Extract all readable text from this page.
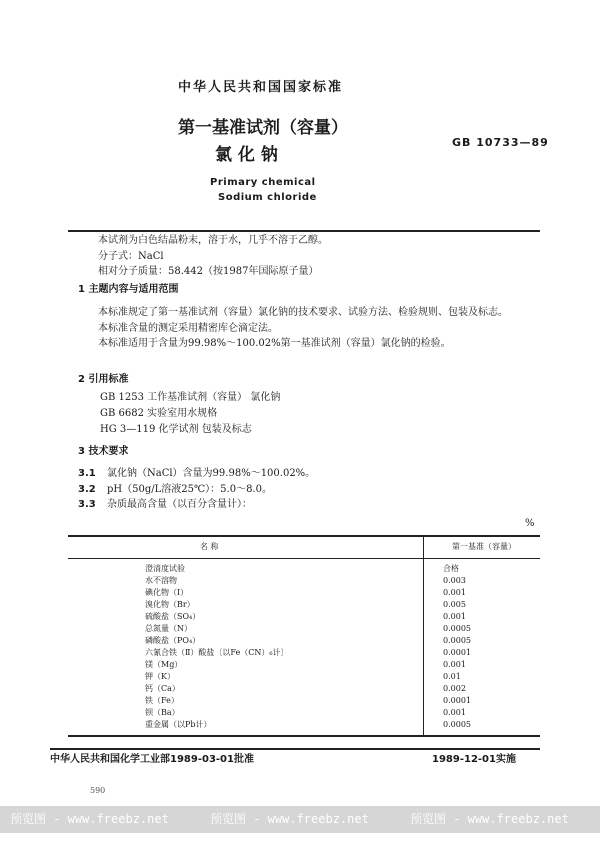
中华人民共和国国家标准
第一基准试剂（容量）
氯 化 钠
GB 10733—89
Primary chemical
Sodium chloride
本试剂为白色结晶粉末，溶于水，几乎不溶于乙醇。
分子式：NaCl
相对分子质量：58.442（按1987年国际原子量）
1 主题内容与适用范围
本标准规定了第一基准试剂（容量）氯化钠的技术要求、试验方法、检验规则、包装及标志。
本标准含量的测定采用精密库仑滴定法。
本标准适用于含量为99.98%～100.02%第一基准试剂（容量）氯化钠的检验。
2 引用标准
GB 1253 工作基准试剂（容量） 氯化钠
GB 6682 实验室用水规格
HG 3—119 化学试剂 包装及标志
3 技术要求
3.1 氯化钠（NaCl）含量为99.98%～100.02%。
3.2 pH（50g/L溶液25℃）：5.0～8.0。
3.3 杂质最高含量（以百分含量计）：
%
名 称	第一基准（容量）
澄清度试验	合格
水不溶物	0.003
碘化物（I）	0.001
溴化物（Br）	0.005
硫酸盐（SO₄）	0.001
总氮量（N）	0.0005
磷酸盐（PO₄）	0.0005
六氰合铁（Ⅱ）酸盐〔以Fe（CN）₆计〕	0.0001
镁（Mg）	0.001
钾（K）	0.01
钙（Ca）	0.002
铁（Fe）	0.0001
钡（Ba）	0.001
重金属（以Pb计）	0.0005
中华人民共和国化学工业部1989-03-01批准	1989-12-01实施
590
预览图 - www.freebz.net	预览图 - www.freebz.net	预览图 - www.freebz.net
